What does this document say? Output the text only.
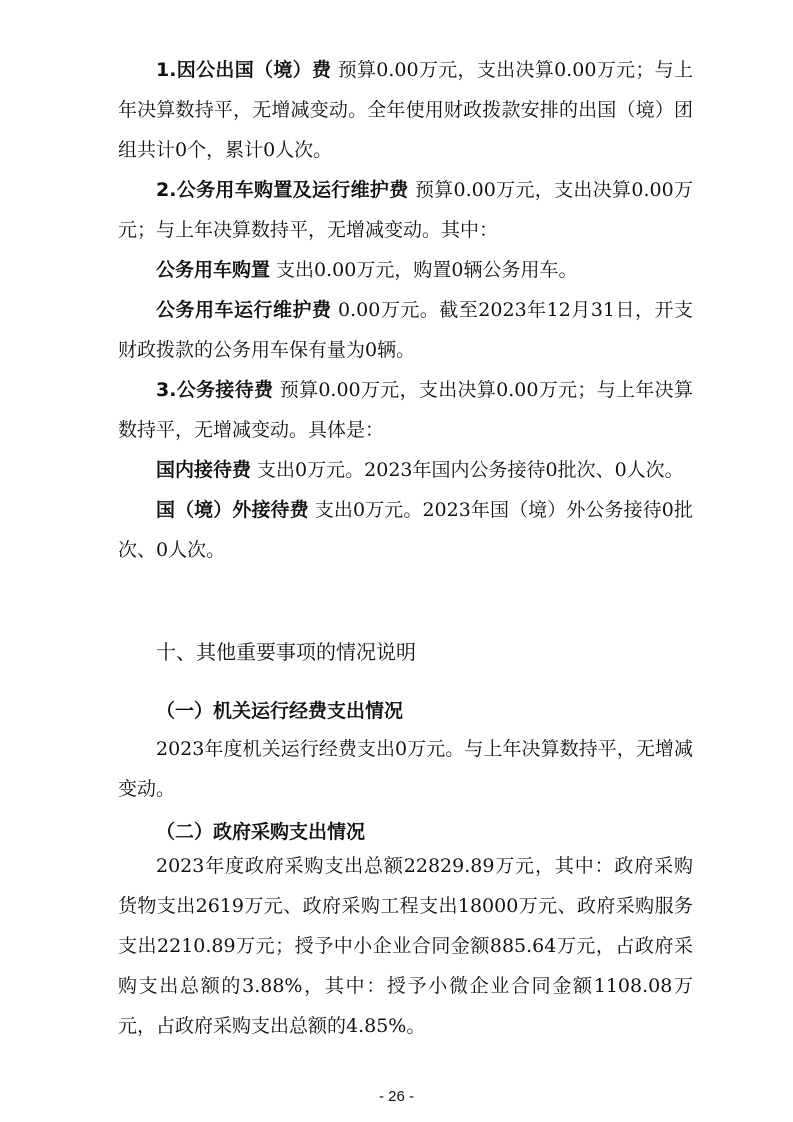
1.因公出国（境）费 预算0.00万元，支出决算0.00万元；与上年决算数持平，无增减变动。全年使用财政拨款安排的出国（境）团组共计0个，累计0人次。

2.公务用车购置及运行维护费 预算0.00万元，支出决算0.00万元；与上年决算数持平，无增减变动。其中：

公务用车购置 支出0.00万元，购置0辆公务用车。

公务用车运行维护费 0.00万元。截至2023年12月31日，开支财政拨款的公务用车保有量为0辆。

3.公务接待费 预算0.00万元，支出决算0.00万元；与上年决算数持平，无增减变动。具体是：

国内接待费 支出0万元。2023年国内公务接待0批次、0人次。

国（境）外接待费 支出0万元。2023年国（境）外公务接待0批次、0人次。

十、其他重要事项的情况说明
（一）机关运行经费支出情况

2023年度机关运行经费支出0万元。与上年决算数持平，无增减变动。

（二）政府采购支出情况

2023年度政府采购支出总额22829.89万元，其中：政府采购货物支出2619万元、政府采购工程支出18000万元、政府采购服务支出2210.89万元；授予中小企业合同金额885.64万元，占政府采购支出总额的3.88%，其中：授予小微企业合同金额1108.08万元，占政府采购支出总额的4.85%。

- 26 -
